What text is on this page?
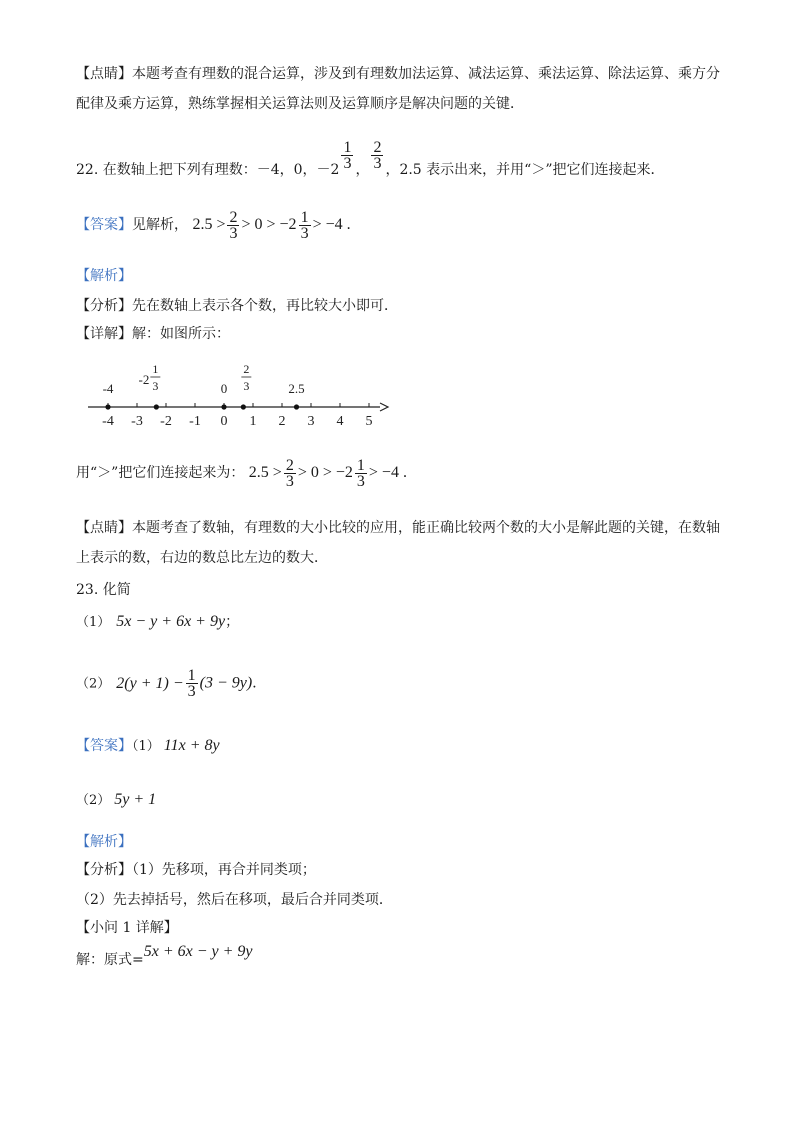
【点睛】本题考查有理数的混合运算，涉及到有理数加法运算、减法运算、乘法运算、除法运算、乘方分
配律及乘方运算，熟练掌握相关运算法则及运算顺序是解决问题的关键．
22. 在数轴上把下列有理数：－4，0，$-2 \frac{1}{3}$ ， $\frac{2}{3}$ ，2.5 表示出来，并用“＞”把它们连接起来．
【答案】见解析， $2.5 > \frac{2}{3} > 0 > -2 \frac{1}{3} > -4$ .
【解析】
【分析】先在数轴上表示各个数，再比较大小即可．
【详解】解：如图所示：
-4 -3 -2 -1 0 1 2 3 4 5
-4
-2
1
3	0
2
3	2.5
用“＞”把它们连接起来为： $2.5 > \frac{2}{3} > 0 > -2 \frac{1}{3} > -4$ .
【点睛】本题考查了数轴，有理数的大小比较的应用，能正确比较两个数的大小是解此题的关键，在数轴
上表示的数，右边的数总比左边的数大．
23. 化简
（1） 5x − y + 6x + 9y；
（2） $2(y + 1) - \frac{1}{3} (3 - 9y)$．
【答案】（1） 11x + 8y
（2） 5y + 1
【解析】
【分析】（1）先移项，再合并同类项；
（2）先去掉括号，然后在移项，最后合并同类项．
【小问 1 详解】
解：原式=5x + 6x − y + 9y
